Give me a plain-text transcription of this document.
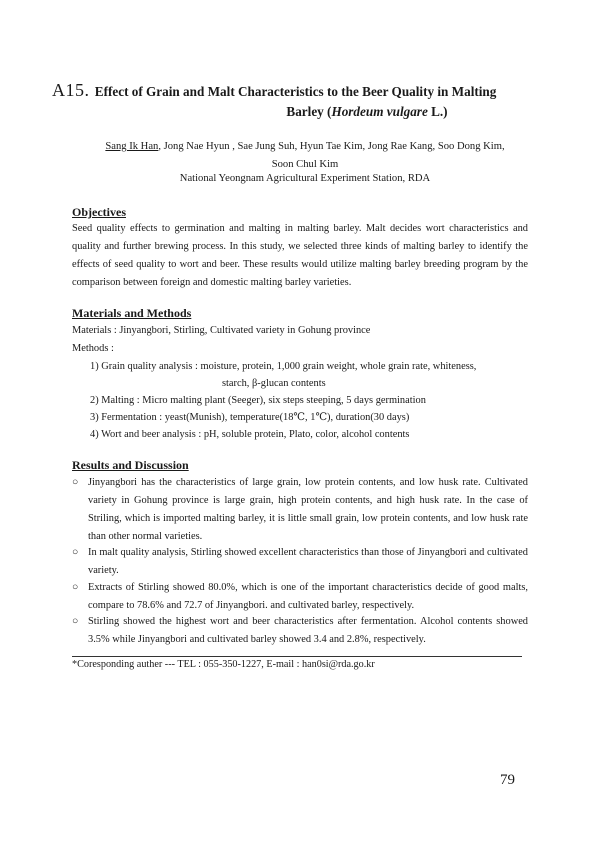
A15. Effect of Grain and Malt Characteristics to the Beer Quality in Malting
Barley (Hordeum vulgare L.)
Sang Ik Han, Jong Nae Hyun , Sae Jung Suh, Hyun Tae Kim, Jong Rae Kang, Soo Dong Kim,
Soon Chul Kim
National Yeongnam Agricultural Experiment Station, RDA
Objectives
Seed quality effects to germination and malting in malting barley. Malt decides wort characteristics and quality and further brewing process. In this study, we selected three kinds of malting barley to identify the effects of seed quality to wort and beer. These results would utilize malting barley breeding program by the comparison between foreign and domestic malting barley varieties.
Materials and Methods
Materials : Jinyangbori, Stirling, Cultivated variety in Gohung province
Methods :
1) Grain quality analysis : moisture, protein, 1,000 grain weight, whole grain rate, whiteness,
starch, β-glucan contents
2) Malting : Micro malting plant (Seeger), six steps steeping, 5 days germination
3) Fermentation : yeast(Munish), temperature(18℃, 1℃), duration(30 days)
4) Wort and beer analysis : pH, soluble protein, Plato, color, alcohol contents
Results and Discussion
○ Jinyangbori has the characteristics of large grain, low protein contents, and low husk rate. Cultivated variety in Gohung province is large grain, high protein contents, and high husk rate. In the case of Striling, which is imported malting barley, it is little small grain, low protein contents, and low husk rate than other normal varieties.
○ In malt quality analysis, Stirling showed excellent characteristics than those of Jinyangbori and cultivated variety.
○ Extracts of Stirling showed 80.0%, which is one of the important characteristics decide of good malts, compare to 78.6% and 72.7 of Jinyangbori. and cultivated barley, respectively.
○ Stirling showed the highest wort and beer characteristics after fermentation. Alcohol contents showed 3.5% while Jinyangbori and cultivated barley showed 3.4 and 2.8%, respectively.
*Coresponding auther --- TEL : 055-350-1227, E-mail : han0si@rda.go.kr
79
